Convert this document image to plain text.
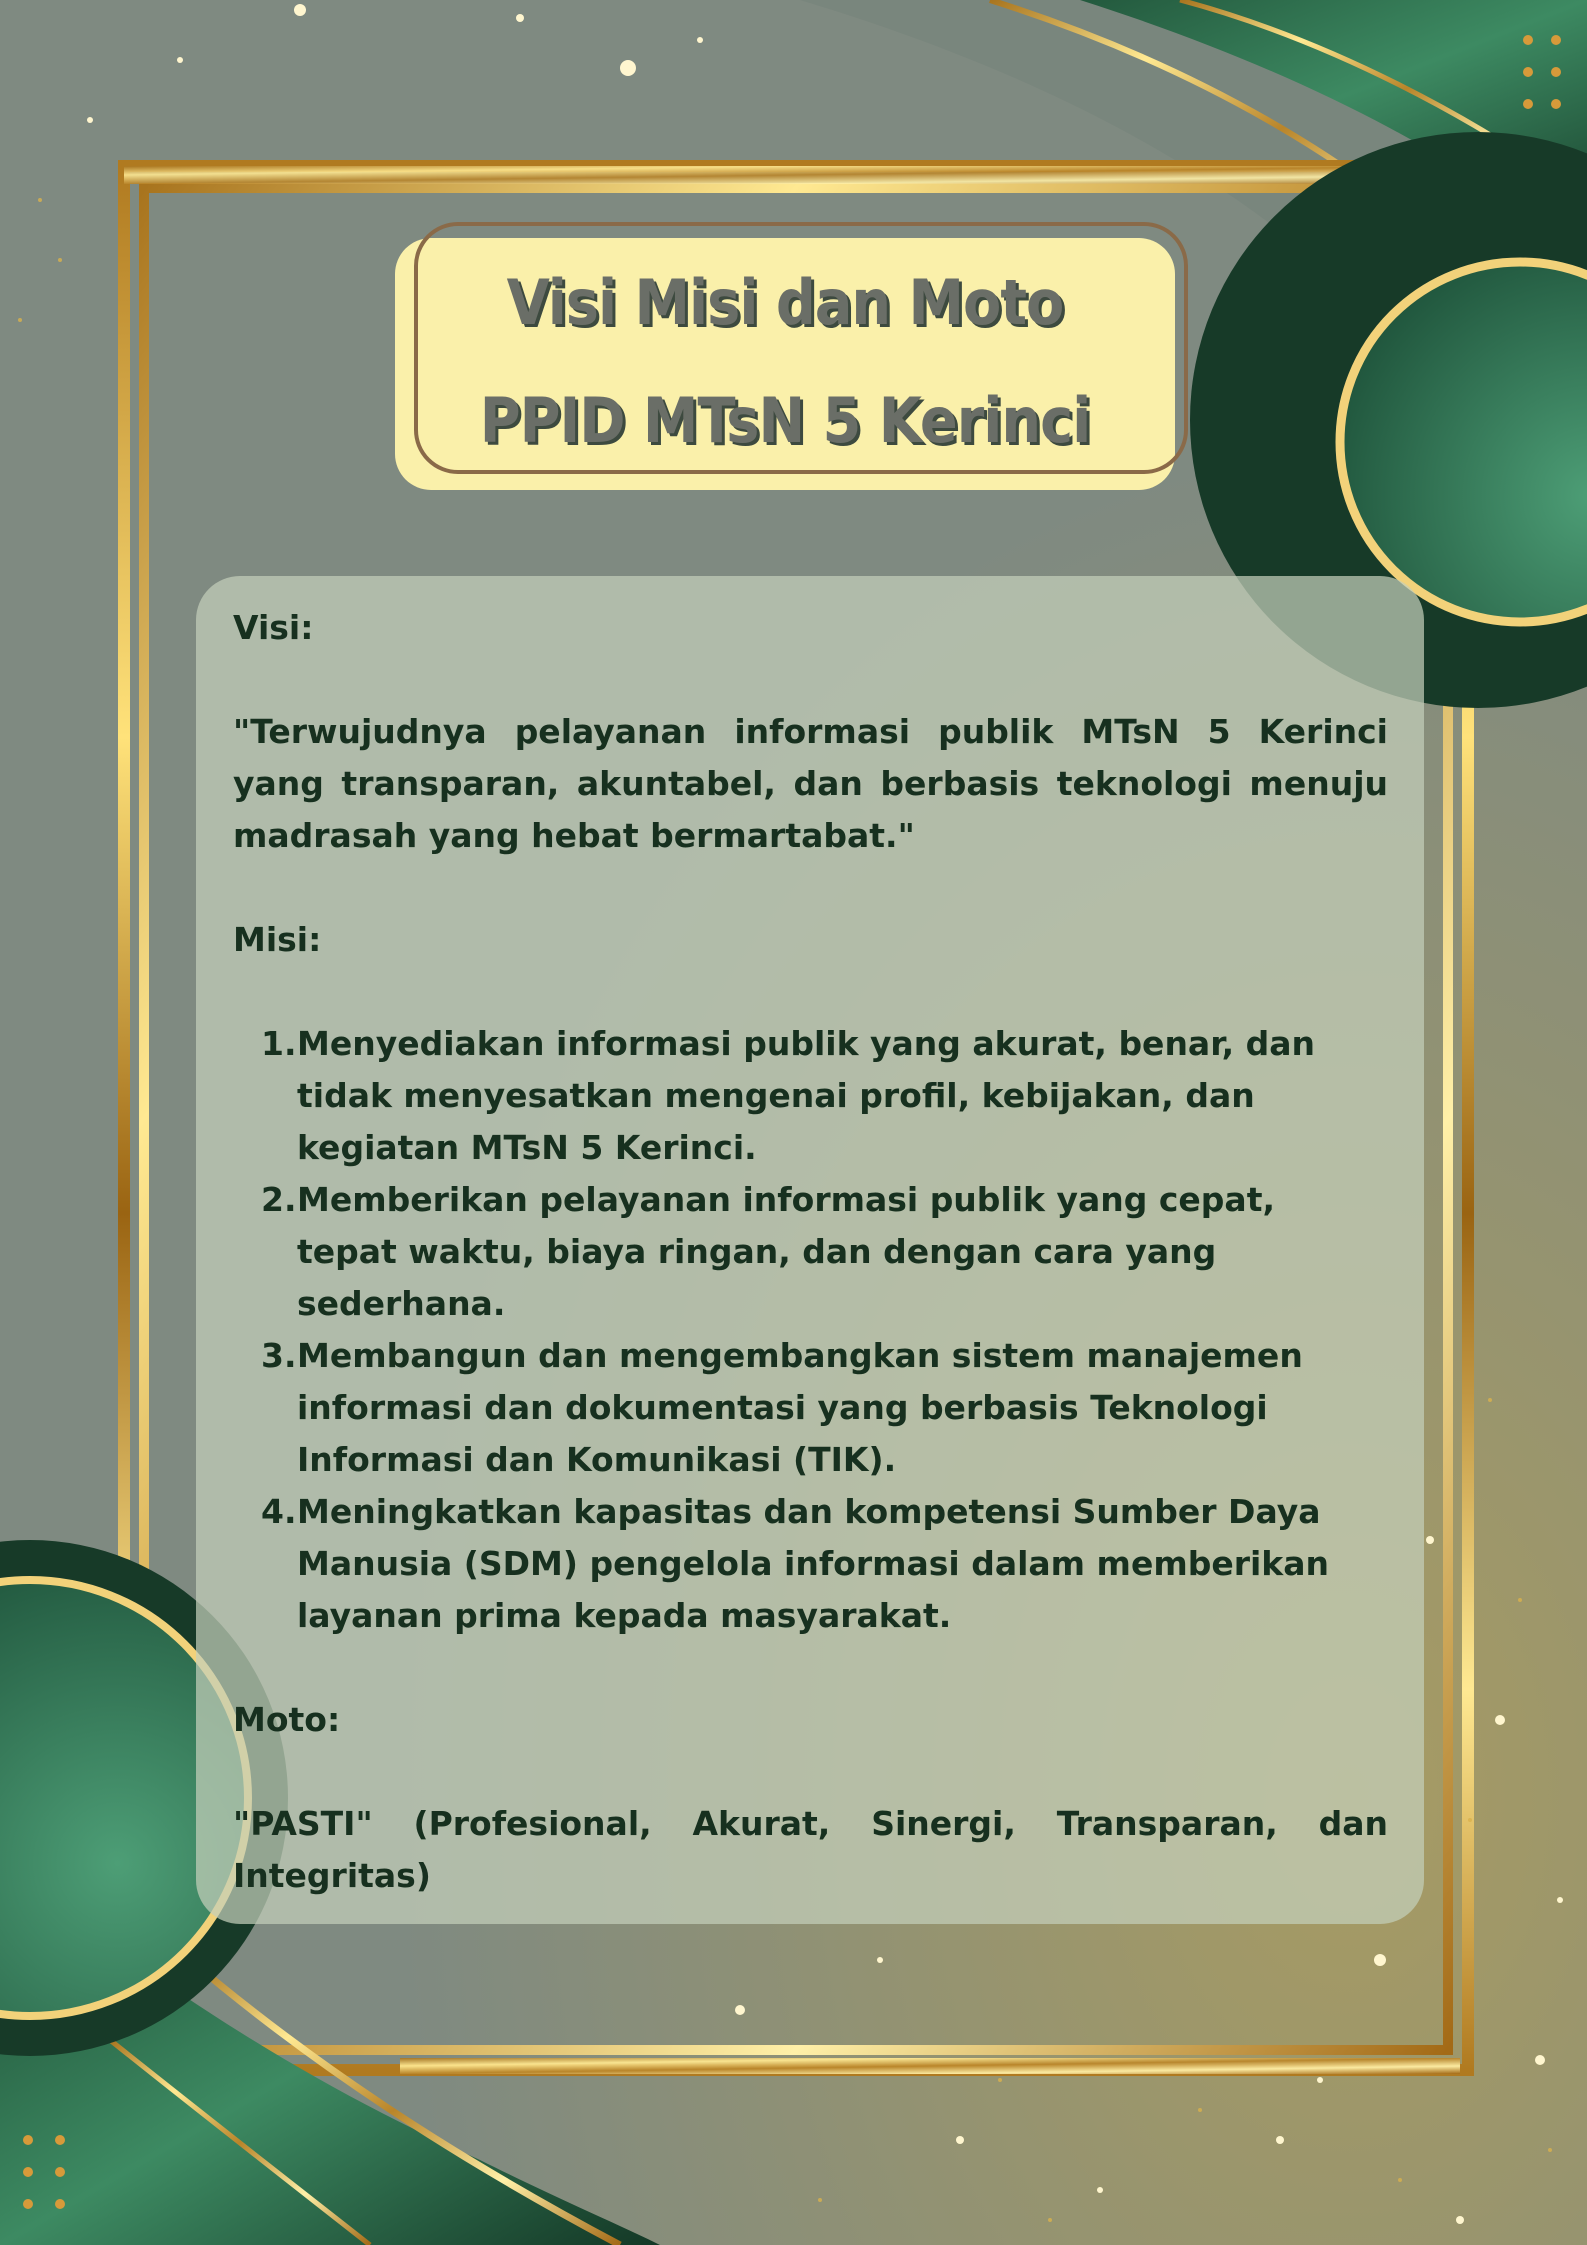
Visi Misi dan Moto
PPID MTsN 5 Kerinci

Visi:

"Terwujudnya pelayanan informasi publik MTsN 5 Kerinci yang transparan, akuntabel, dan berbasis teknologi menuju madrasah yang hebat bermartabat."

Misi:

1. Menyediakan informasi publik yang akurat, benar, dan tidak menyesatkan mengenai profil, kebijakan, dan kegiatan MTsN 5 Kerinci.
2. Memberikan pelayanan informasi publik yang cepat, tepat waktu, biaya ringan, dan dengan cara yang sederhana.
3. Membangun dan mengembangkan sistem manajemen informasi dan dokumentasi yang berbasis Teknologi Informasi dan Komunikasi (TIK).
4. Meningkatkan kapasitas dan kompetensi Sumber Daya Manusia (SDM) pengelola informasi dalam memberikan layanan prima kepada masyarakat.

Moto:

"PASTI" (Profesional, Akurat, Sinergi, Transparan, dan Integritas)
